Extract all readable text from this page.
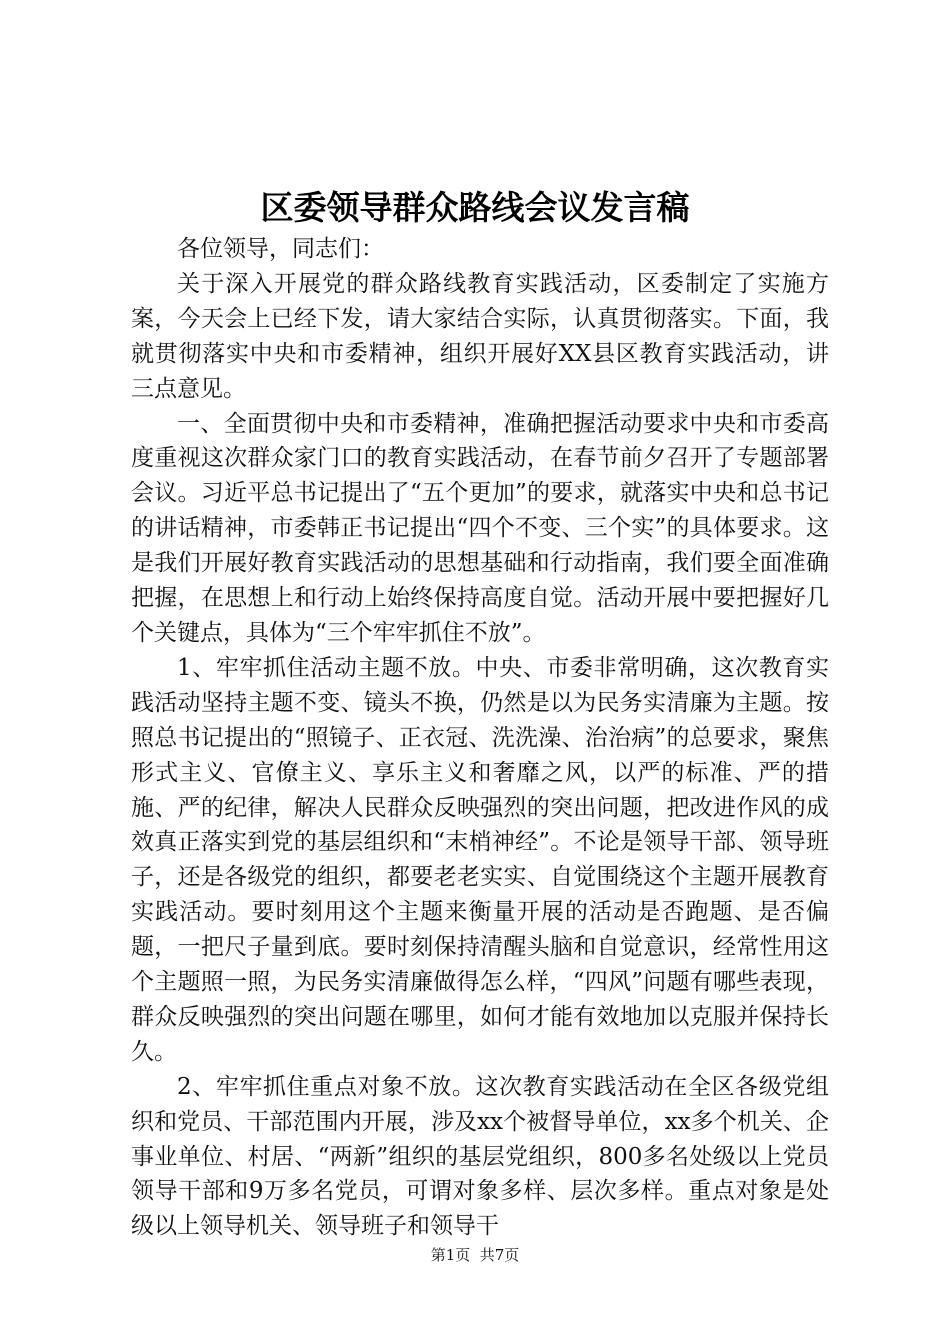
区委领导群众路线会议发言稿

各位领导，同志们：

关于深入开展党的群众路线教育实践活动，区委制定了实施方案，今天会上已经下发，请大家结合实际，认真贯彻落实。下面，我就贯彻落实中央和市委精神，组织开展好XX县区教育实践活动，讲三点意见。

一、全面贯彻中央和市委精神，准确把握活动要求中央和市委高度重视这次群众家门口的教育实践活动，在春节前夕召开了专题部署会议。习近平总书记提出了“五个更加”的要求，就落实中央和总书记的讲话精神，市委韩正书记提出“四个不变、三个实”的具体要求。这是我们开展好教育实践活动的思想基础和行动指南，我们要全面准确把握，在思想上和行动上始终保持高度自觉。活动开展中要把握好几个关键点，具体为“三个牢牢抓住不放”。

1、牢牢抓住活动主题不放。中央、市委非常明确，这次教育实践活动坚持主题不变、镜头不换，仍然是以为民务实清廉为主题。按照总书记提出的“照镜子、正衣冠、洗洗澡、治治病”的总要求，聚焦形式主义、官僚主义、享乐主义和奢靡之风，以严的标准、严的措施、严的纪律，解决人民群众反映强烈的突出问题，把改进作风的成效真正落实到党的基层组织和“末梢神经”。不论是领导干部、领导班子，还是各级党的组织，都要老老实实、自觉围绕这个主题开展教育实践活动。要时刻用这个主题来衡量开展的活动是否跑题、是否偏题，一把尺子量到底。要时刻保持清醒头脑和自觉意识，经常性用这个主题照一照，为民务实清廉做得怎么样，“四风”问题有哪些表现，群众反映强烈的突出问题在哪里，如何才能有效地加以克服并保持长久。

2、牢牢抓住重点对象不放。这次教育实践活动在全区各级党组织和党员、干部范围内开展，涉及xx个被督导单位，xx多个机关、企事业单位、村居、“两新”组织的基层党组织，800多名处级以上党员领导干部和9万多名党员，可谓对象多样、层次多样。重点对象是处级以上领导机关、领导班子和领导干

第1页  共7页
